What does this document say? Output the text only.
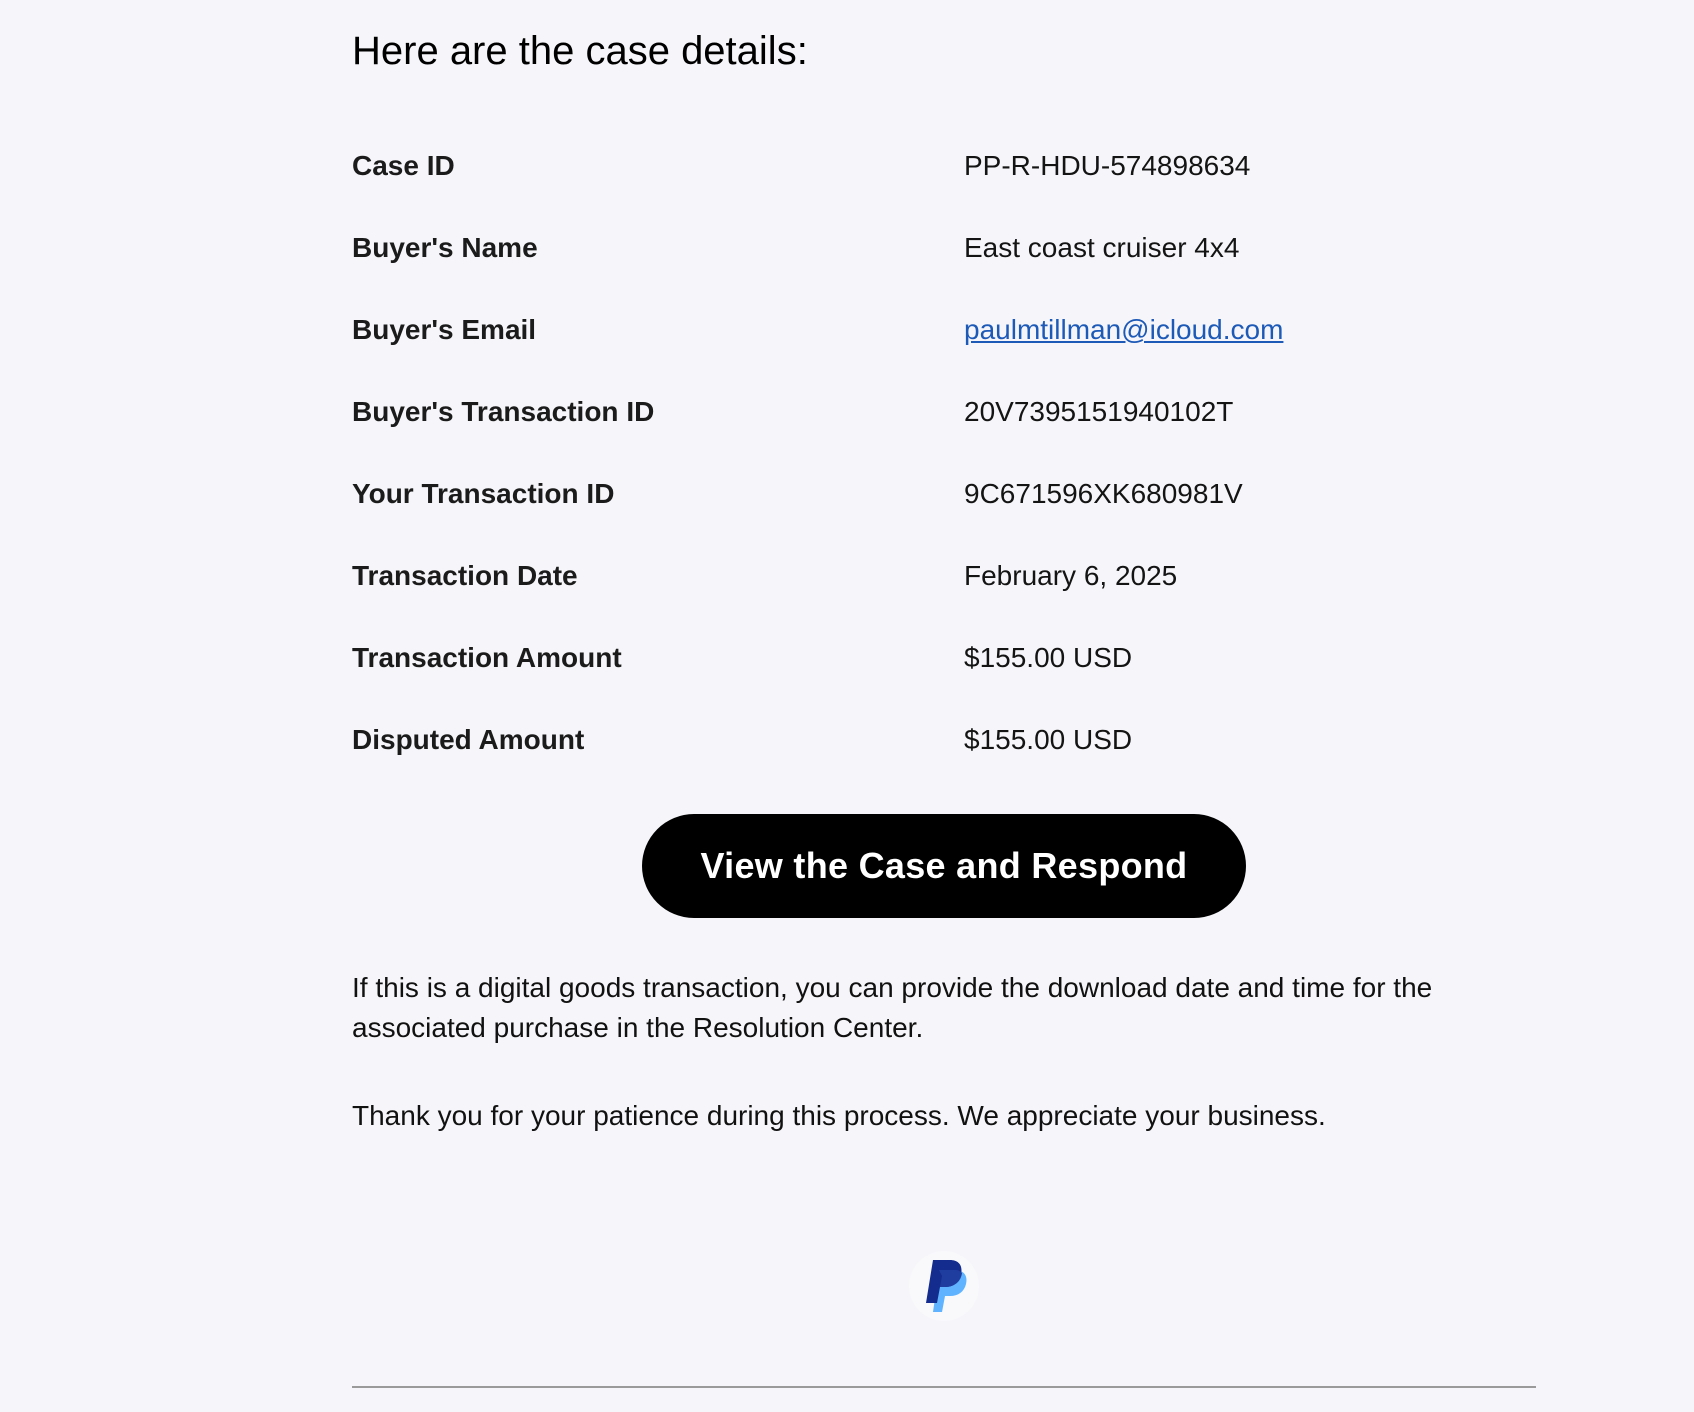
Here are the case details:
Case ID	PP-R-HDU-574898634
Buyer's Name	East coast cruiser 4x4
Buyer's Email	paulmtillman@icloud.com
Buyer's Transaction ID	20V7395151940102T
Your Transaction ID	9C671596XK680981V
Transaction Date	February 6, 2025
Transaction Amount	$155.00 USD
Disputed Amount	$155.00 USD
View the Case and Respond

If this is a digital goods transaction, you can provide the download date and time for the associated purchase in the Resolution Center.

Thank you for your patience during this process. We appreciate your business.
